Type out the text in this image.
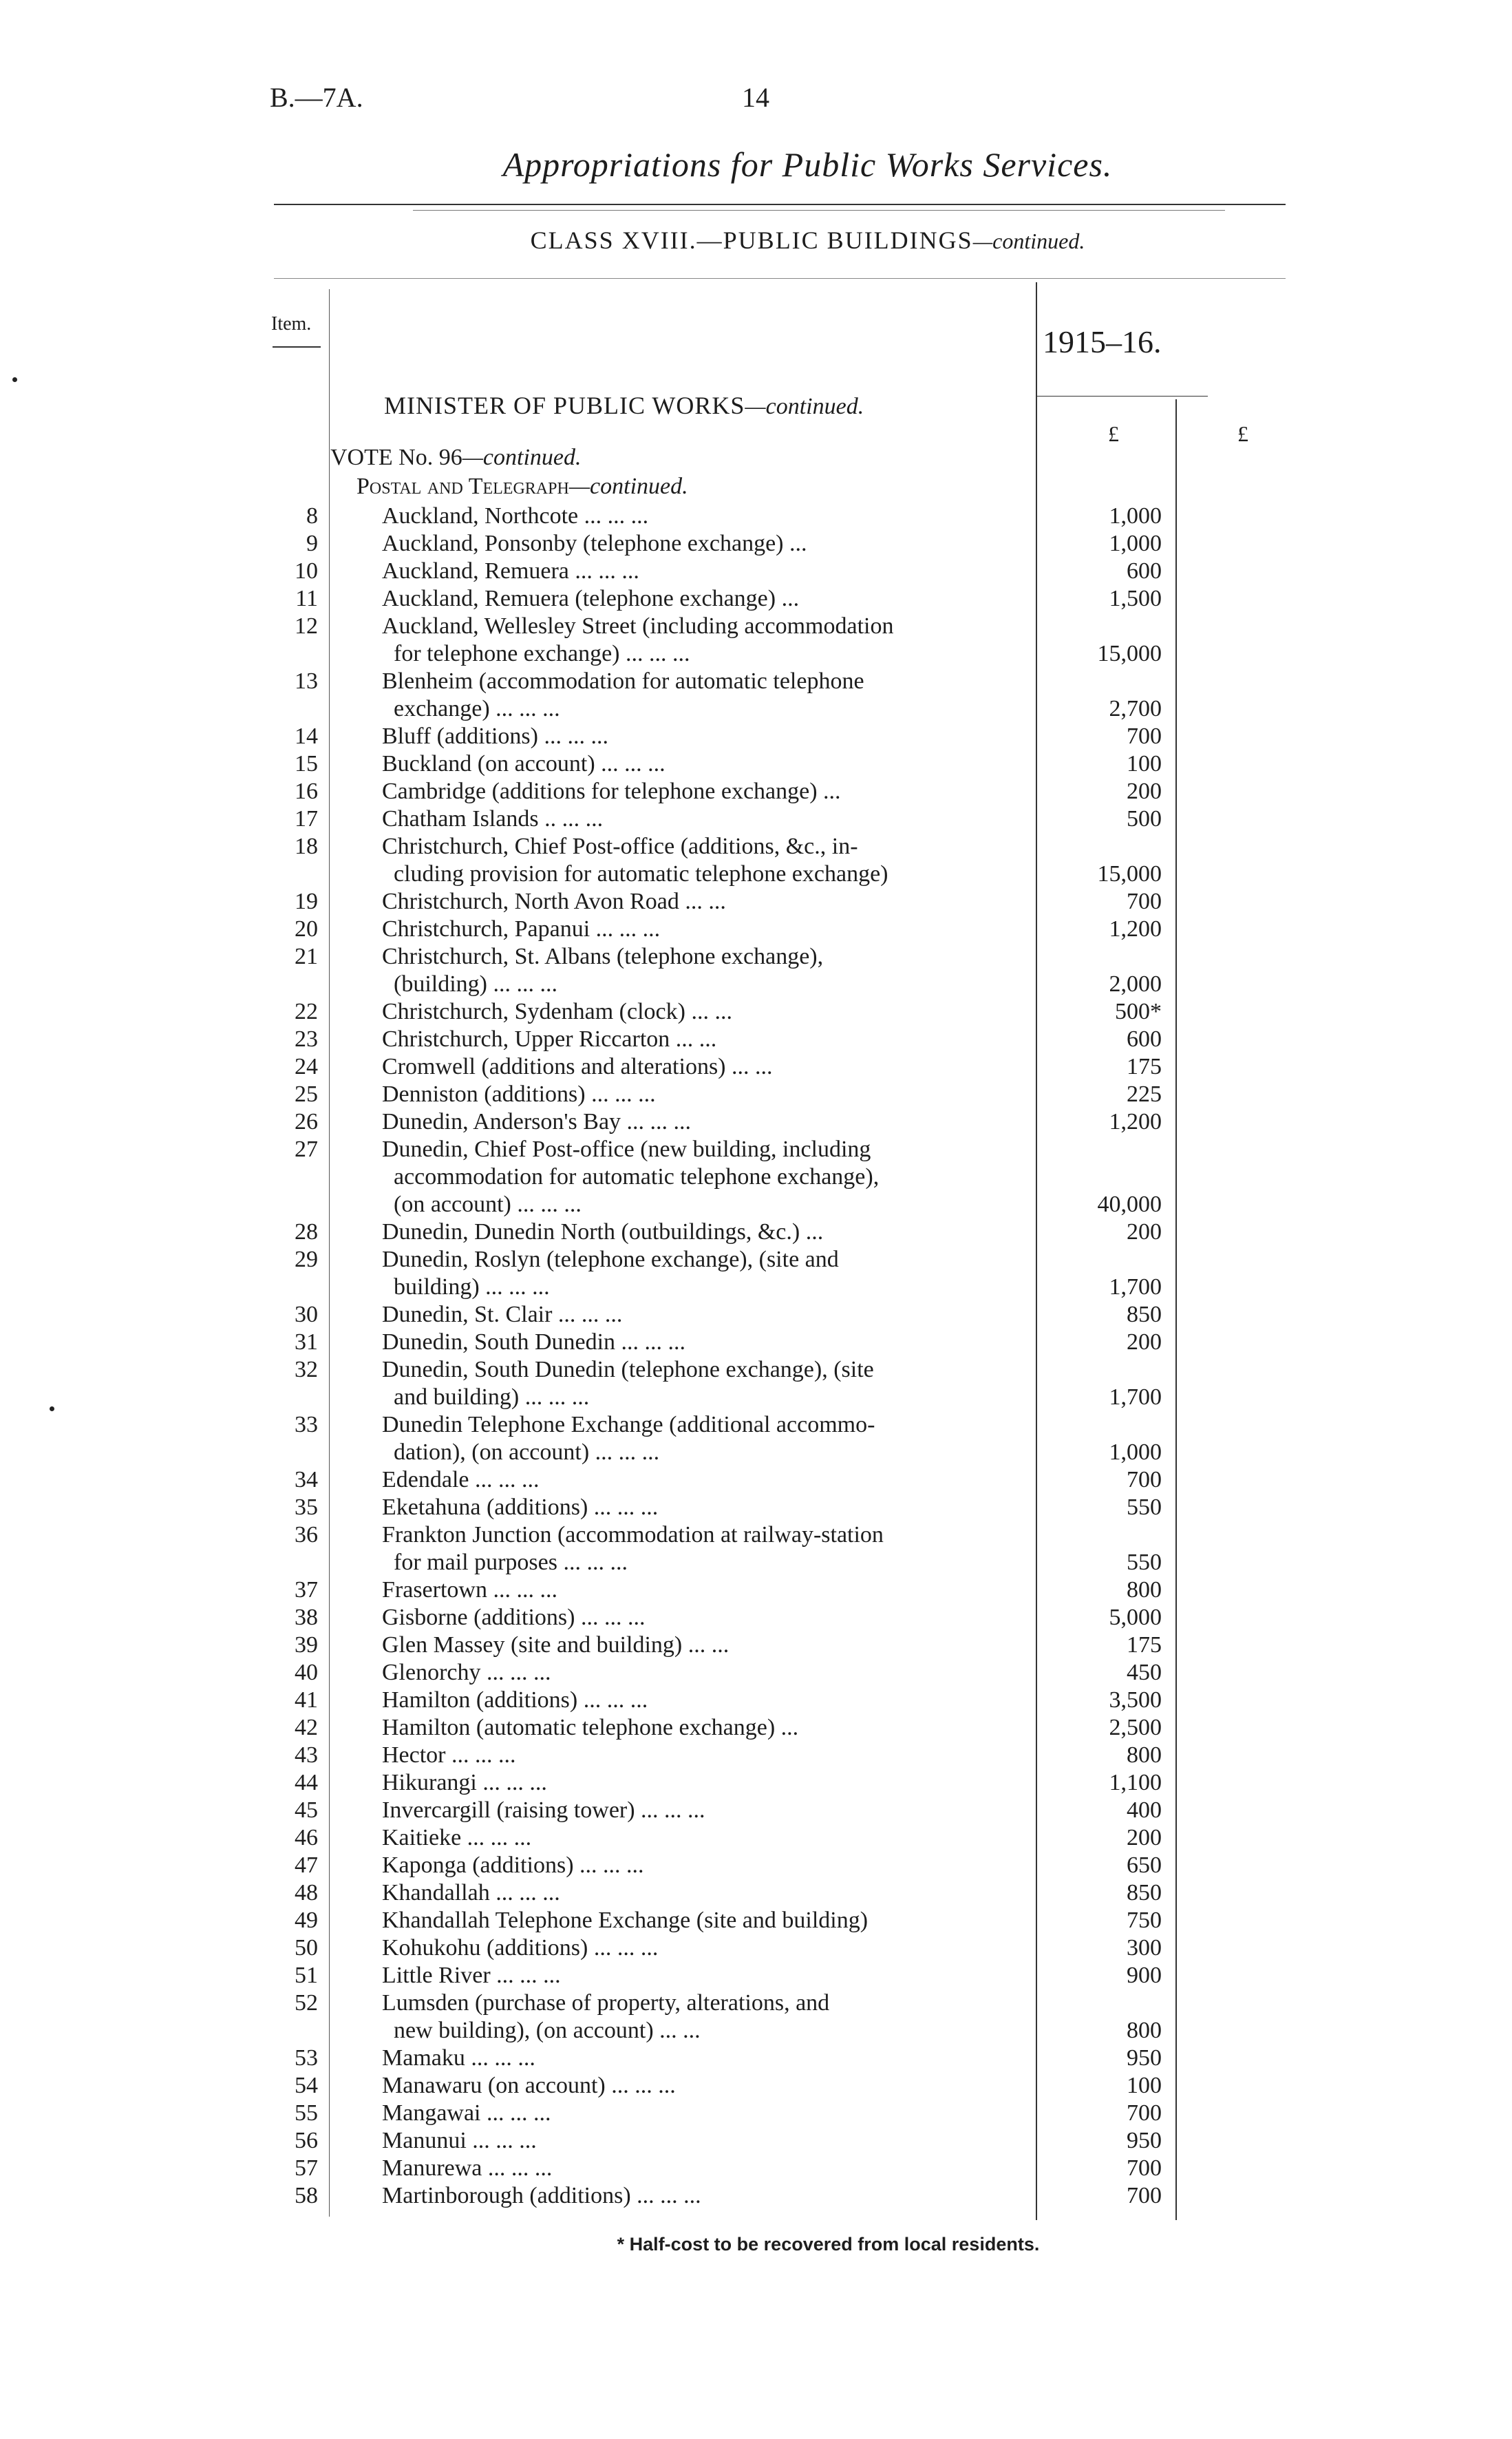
B.—7A.	14
Appropriations for Public Works Services.
CLASS XVIII.—PUBLIC BUILDINGS—continued.
Item.
1915–16.
MINISTER OF PUBLIC WORKS—continued.
£	£
VOTE No. 96—continued.
Postal and Telegraph—continued.
8	Auckland, Northcote ... ... ...	1,000
9	Auckland, Ponsonby (telephone exchange) ...	1,000
10	Auckland, Remuera ... ... ...	600
11	Auckland, Remuera (telephone exchange) ...	1,500
12	Auckland, Wellesley Street (including accommodation
for telephone exchange) ... ... ...	15,000
13	Blenheim (accommodation for automatic telephone
exchange) ... ... ...	2,700
14	Bluff (additions) ... ... ...	700
15	Buckland (on account) ... ... ...	100
16	Cambridge (additions for telephone exchange) ...	200
17	Chatham Islands .. ... ...	500
18	Christchurch, Chief Post-office (additions, &c., in-
cluding provision for automatic telephone exchange)	15,000
19	Christchurch, North Avon Road ... ...	700
20	Christchurch, Papanui ... ... ...	1,200
21	Christchurch, St. Albans (telephone exchange),
(building) ... ... ...	2,000
22	Christchurch, Sydenham (clock) ... ...	500*
23	Christchurch, Upper Riccarton ... ...	600
24	Cromwell (additions and alterations) ... ...	175
25	Denniston (additions) ... ... ...	225
26	Dunedin, Anderson's Bay ... ... ...	1,200
27	Dunedin, Chief Post-office (new building, including
accommodation for automatic telephone exchange),
(on account) ... ... ...	40,000
28	Dunedin, Dunedin North (outbuildings, &c.) ...	200
29	Dunedin, Roslyn (telephone exchange), (site and
building) ... ... ...	1,700
30	Dunedin, St. Clair ... ... ...	850
31	Dunedin, South Dunedin ... ... ...	200
32	Dunedin, South Dunedin (telephone exchange), (site
and building) ... ... ...	1,700
33	Dunedin Telephone Exchange (additional accommo-
dation), (on account) ... ... ...	1,000
34	Edendale ... ... ...	700
35	Eketahuna (additions) ... ... ...	550
36	Frankton Junction (accommodation at railway-station
for mail purposes ... ... ...	550
37	Frasertown ... ... ...	800
38	Gisborne (additions) ... ... ...	5,000
39	Glen Massey (site and building) ... ...	175
40	Glenorchy ... ... ...	450
41	Hamilton (additions) ... ... ...	3,500
42	Hamilton (automatic telephone exchange) ...	2,500
43	Hector ... ... ...	800
44	Hikurangi ... ... ...	1,100
45	Invercargill (raising tower) ... ... ...	400
46	Kaitieke ... ... ...	200
47	Kaponga (additions) ... ... ...	650
48	Khandallah ... ... ...	850
49	Khandallah Telephone Exchange (site and building)	750
50	Kohukohu (additions) ... ... ...	300
51	Little River ... ... ...	900
52	Lumsden (purchase of property, alterations, and
new building), (on account) ... ...	800
53	Mamaku ... ... ...	950
54	Manawaru (on account) ... ... ...	100
55	Mangawai ... ... ...	700
56	Manunui ... ... ...	950
57	Manurewa ... ... ...	700
58	Martinborough (additions) ... ... ...	700
* Half-cost to be recovered from local residents.
